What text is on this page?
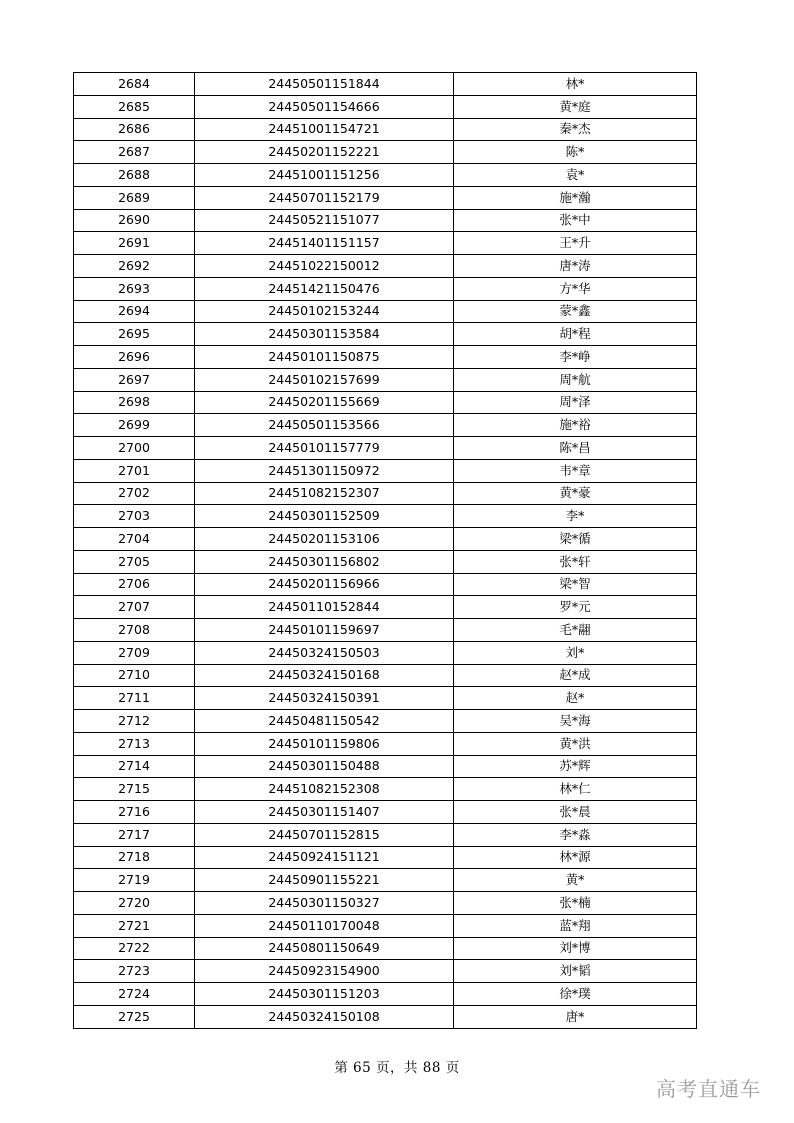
2684	24450501151844	林*
2685	24450501154666	黄*庭
2686	24451001154721	秦*杰
2687	24450201152221	陈*
2688	24451001151256	袁*
2689	24450701152179	施*瀚
2690	24450521151077	张*中
2691	24451401151157	王*升
2692	24451022150012	唐*涛
2693	24451421150476	方*华
2694	24450102153244	蒙*鑫
2695	24450301153584	胡*程
2696	24450101150875	李*峥
2697	24450102157699	周*航
2698	24450201155669	周*泽
2699	24450501153566	施*裕
2700	24450101157779	陈*昌
2701	24451301150972	韦*章
2702	24451082152307	黄*豪
2703	24450301152509	李*
2704	24450201153106	梁*循
2705	24450301156802	张*轩
2706	24450201156966	梁*智
2707	24450110152844	罗*元
2708	24450101159697	毛*翮
2709	24450324150503	刘*
2710	24450324150168	赵*成
2711	24450324150391	赵*
2712	24450481150542	吴*海
2713	24450101159806	黄*洪
2714	24450301150488	苏*辉
2715	24451082152308	林*仁
2716	24450301151407	张*晨
2717	24450701152815	李*淼
2718	24450924151121	林*源
2719	24450901155221	黄*
2720	24450301150327	张*楠
2721	24450110170048	蓝*翔
2722	24450801150649	刘*博
2723	24450923154900	刘*韬
2724	24450301151203	徐*璞
2725	24450324150108	唐*
第 65 页，共 88 页
高考直通车
